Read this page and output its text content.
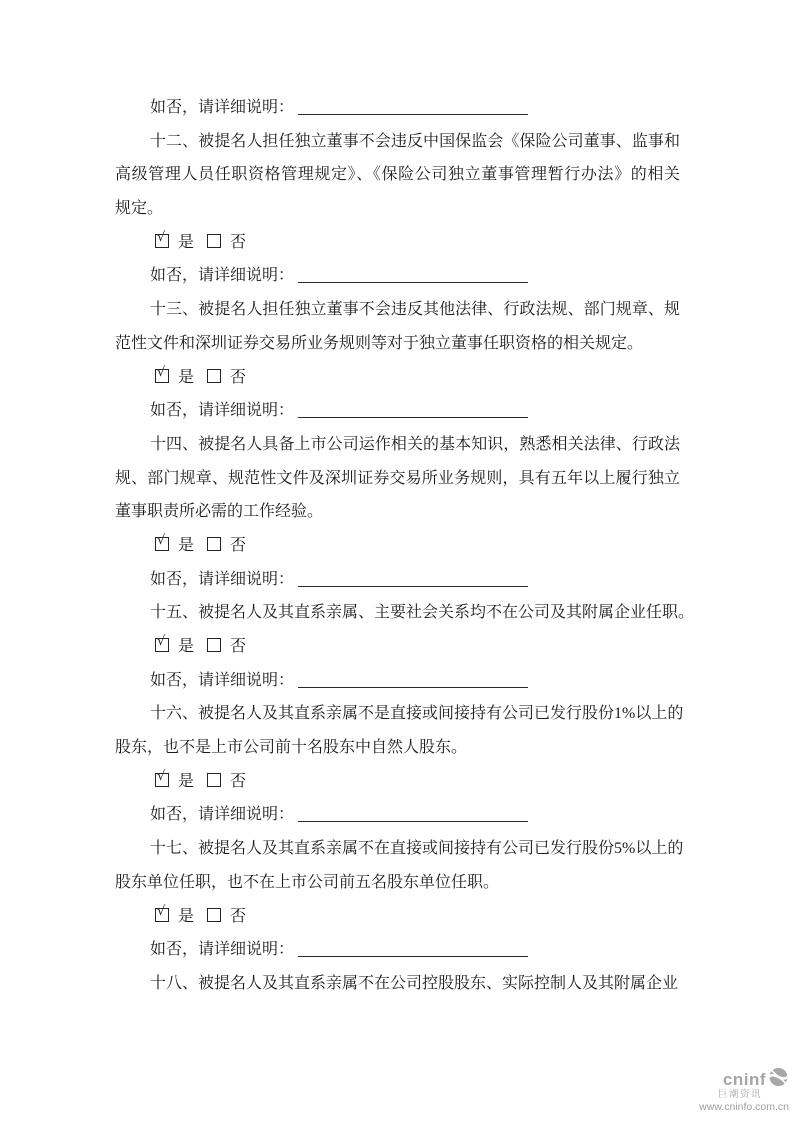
如否，请详细说明：
十二、被提名人担任独立董事不会违反中国保监会《保险公司董事、监事和
高级管理人员任职资格管理规定》、《保险公司独立董事管理暂行办法》的相关
规定。
√ 是 否
如否，请详细说明：
十三、被提名人担任独立董事不会违反其他法律、行政法规、部门规章、规
范性文件和深圳证券交易所业务规则等对于独立董事任职资格的相关规定。
√ 是 否
如否，请详细说明：
十四、被提名人具备上市公司运作相关的基本知识，熟悉相关法律、行政法
规、部门规章、规范性文件及深圳证券交易所业务规则，具有五年以上履行独立
董事职责所必需的工作经验。
√ 是 否
如否，请详细说明：
十五、被提名人及其直系亲属、主要社会关系均不在公司及其附属企业任职。
√ 是 否
如否，请详细说明：
十六、被提名人及其直系亲属不是直接或间接持有公司已发行股份1%以上的
股东，也不是上市公司前十名股东中自然人股东。
√ 是 否
如否，请详细说明：
十七、被提名人及其直系亲属不在直接或间接持有公司已发行股份5%以上的
股东单位任职，也不在上市公司前五名股东单位任职。
√ 是 否
如否，请详细说明：
十八、被提名人及其直系亲属不在公司控股股东、实际控制人及其附属企业
cninf
巨潮资讯
www.cninfo.com.cn
